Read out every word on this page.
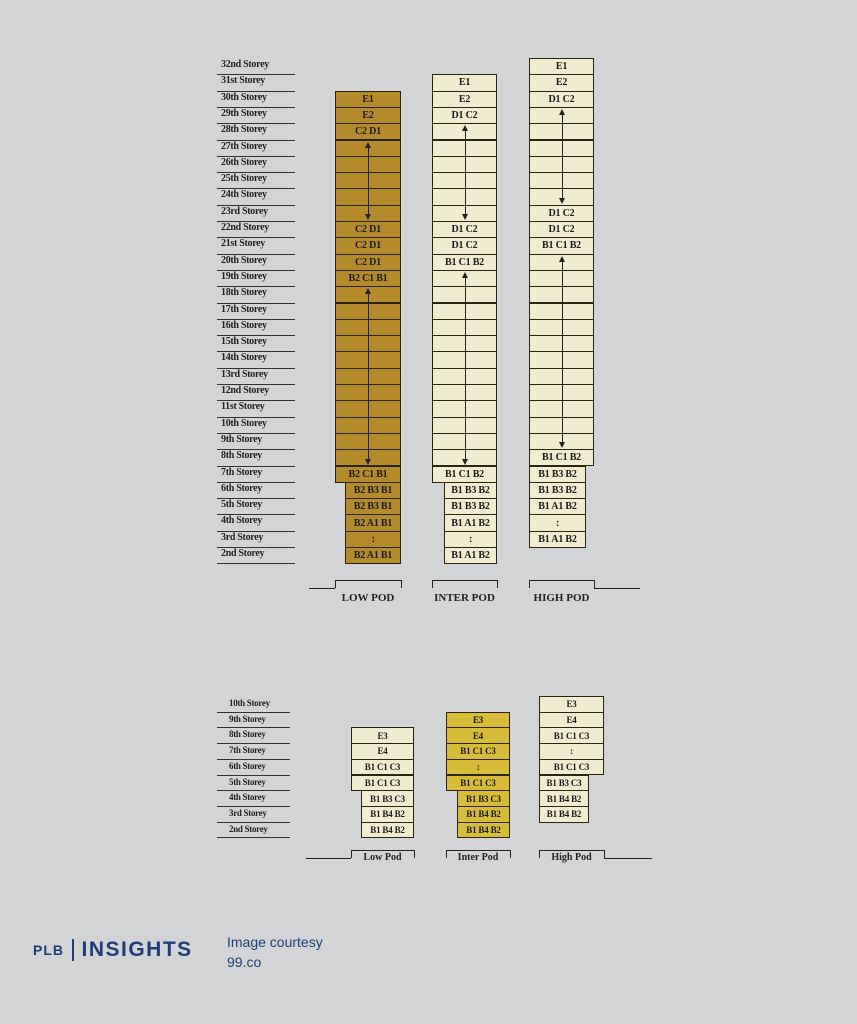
32nd Storey
31st Storey
30th Storey
29th Storey
28th Storey
27th Storey
26th Storey
25th Storey
24th Storey
23rd Storey
22nd Storey
21st Storey
20th Storey
19th Storey
18th Storey
17th Storey
16th Storey
15th Storey
14th Storey
13rd Storey
12nd Storey
11st Storey
10th Storey
9th Storey
8th Storey
7th Storey
6th Storey
5th Storey
4th Storey
3rd Storey
2nd Storey
E1
E2
C2 D1
C2 D1
C2 D1
C2 D1
B2 C1 B1
B2 C1 B1
B2 B3 B1
B2 B3 B1
B2 A1 B1
↕
B2 A1 B1
LOW POD
E1
E2
D1 C2
D1 C2
D1 C2
B1 C1 B2
B1 C1 B2
B1 B3 B2
B1 B3 B2
B1 A1 B2
↕
B1 A1 B2
INTER POD
E1
E2
D1 C2
D1 C2
D1 C2
B1 C1 B2
B1 C1 B2
B1 B3 B2
B1 B3 B2
B1 A1 B2
↕
B1 A1 B2
HIGH POD
10th Storey
9th Storey
8th Storey
7th Storey
6th Storey
5th Storey
4th Storey
3rd Storey
2nd Storey
E3
E4
B1 C1 C3
B1 C1 C3
B1 B3 C3
B1 B4 B2
B1 B4 B2
Low Pod
E3
E4
B1 C1 C3
↕
B1 C1 C3
B1 B3 C3
B1 B4 B2
B1 B4 B2
Inter Pod
E3
E4
B1 C1 C3
↕
B1 C1 C3
B1 B3 C3
B1 B4 B2
B1 B4 B2
High Pod
PLB INSIGHTS Image courtesy
99.co
